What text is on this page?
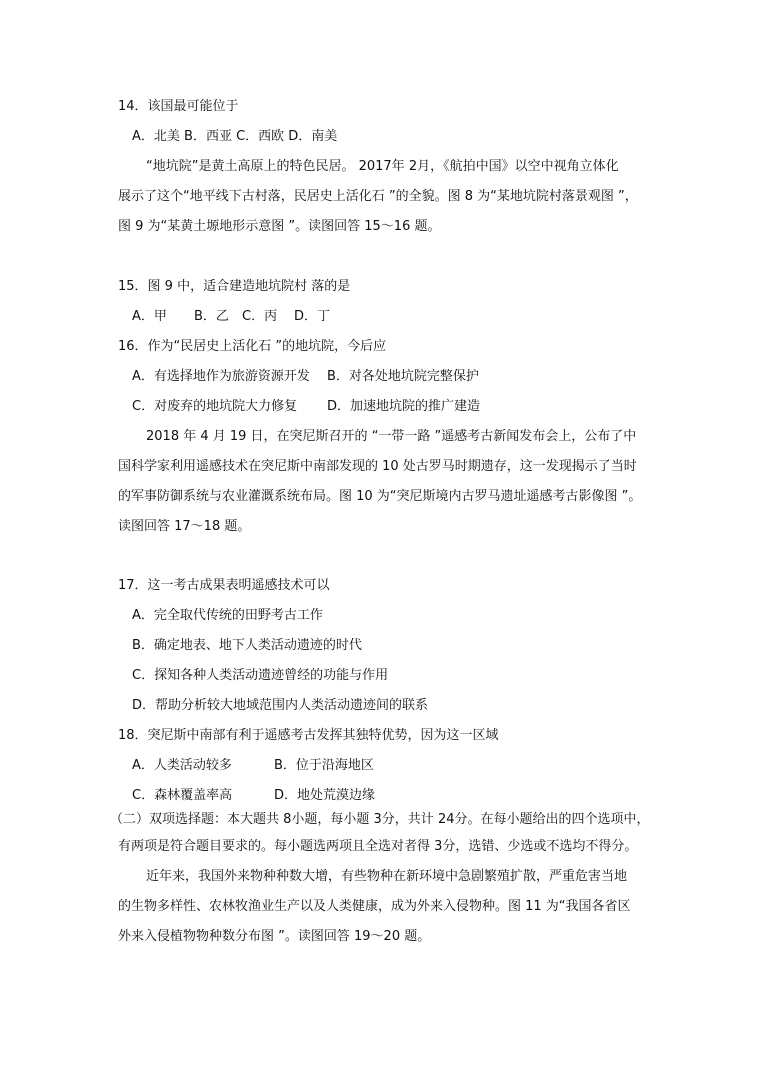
14．该国最可能位于
A．北美 B．西亚 C．西欧 D．南美
“地坑院”是黄土高原上的特色民居。 2017年 2月，《航拍中国》以空中视角立体化
展示了这个“地平线下古村落，民居史上活化石 ”的全貌。图 8 为“某地坑院村落景观图 ”，
图 9 为“某黄土塬地形示意图 ”。读图回答 15～16 题。
15．图 9 中，适合建造地坑院村 落的是
A．甲 B．乙 C．丙 D．丁
16．作为“民居史上活化石 ”的地坑院，今后应
A．有选择地作为旅游资源开发 B．对各处地坑院完整保护
C．对废弃的地坑院大力修复 D．加速地坑院的推广建造
2018 年 4 月 19 日，在突尼斯召开的 “一带一路 ”遥感考古新闻发布会上，公布了中
国科学家利用遥感技术在突尼斯中南部发现的 10 处古罗马时期遗存，这一发现揭示了当时
的军事防御系统与农业灌溉系统布局。图 10 为“突尼斯境内古罗马遗址遥感考古影像图 ”。
读图回答 17～18 题。
17．这一考古成果表明遥感技术可以
A．完全取代传统的田野考古工作
B．确定地表、地下人类活动遗迹的时代
C．探知各种人类活动遗迹曾经的功能与作用
D．帮助分析较大地域范围内人类活动遗迹间的联系
18．突尼斯中南部有利于遥感考古发挥其独特优势，因为这一区域
A．人类活动较多	B．位于沿海地区
C．森林覆盖率高	D．地处荒漠边缘
（二）双项选择题：本大题共 8小题，每小题 3分，共计 24分。在每小题给出的四个选项中，
有两项是符合题目要求的。每小题选两项且全选对者得 3分，选错、少选或不选均不得分。
近年来，我国外来物种种数大增，有些物种在新环境中急剧繁殖扩散，严重危害当地
的生物多样性、农林牧渔业生产以及人类健康，成为外来入侵物种。图 11 为“我国各省区
外来入侵植物物种数分布图 ”。读图回答 19～20 题。
